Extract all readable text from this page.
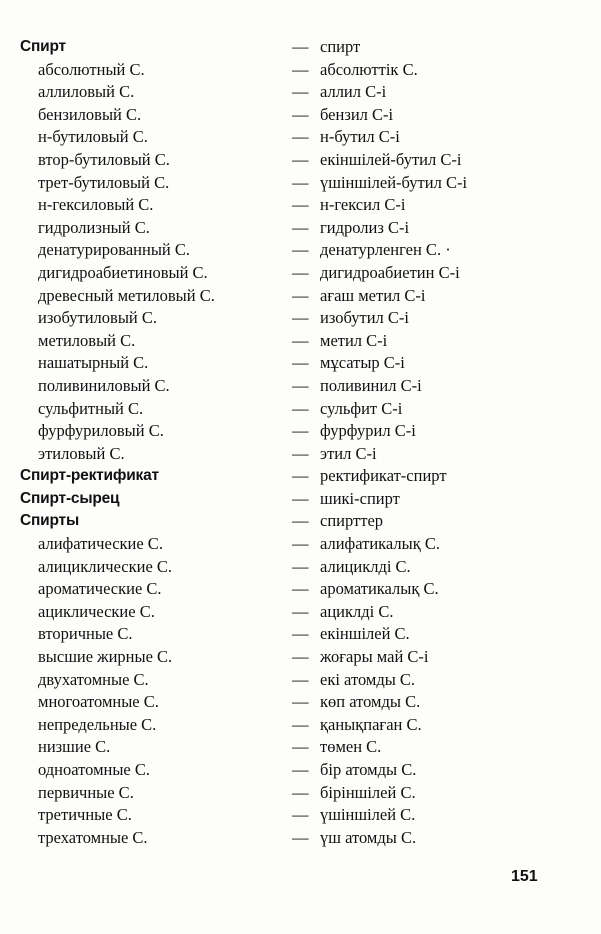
Спирт	— спирт
абсолютный С.	— абсолюттік С.
аллиловый С.	— аллил С-і
бензиловый С.	— бензил С-і
н-бутиловый С.	— н-бутил С-і
втор-бутиловый С.	— екіншілей-бутил С-і
трет-бутиловый С.	— үшіншілей-бутил С-і
н-гексиловый С.	— н-гексил С-і
гидролизный С.	— гидролиз С-і
денатурированный С.	— денатурленген С. ·
дигидроабиетиновый С.	— дигидроабиетин С-і
древесный метиловый С.	— ағаш метил С-і
изобутиловый С.	— изобутил С-і
метиловый С.	— метил С-і
нашатырный С.	— мұсатыр С-і
поливиниловый С.	— поливинил С-і
сульфитный С.	— сульфит С-і
фурфуриловый С.	— фурфурил С-і
этиловый С.	— этил С-і
Спирт-ректификат	— ректификат-спирт
Спирт-сырец	— шикі-спирт
Спирты	— спирттер
алифатические С.	— алифатикалық С.
алициклические С.	— алициклді С.
ароматические С.	— ароматикалық С.
ациклические С.	— ациклді С.
вторичные С.	— екіншілей С.
высшие жирные С.	— жоғары май С-і
двухатомные С.	— екі атомды С.
многоатомные С.	— көп атомды С.
непредельные С.	— қанықпаған С.
низшие С.	— төмен С.
одноатомные С.	— бір атомды С.
первичные С.	— біріншілей С.
третичные С.	— үшіншілей С.
трехатомные С.	— үш атомды С.
151
